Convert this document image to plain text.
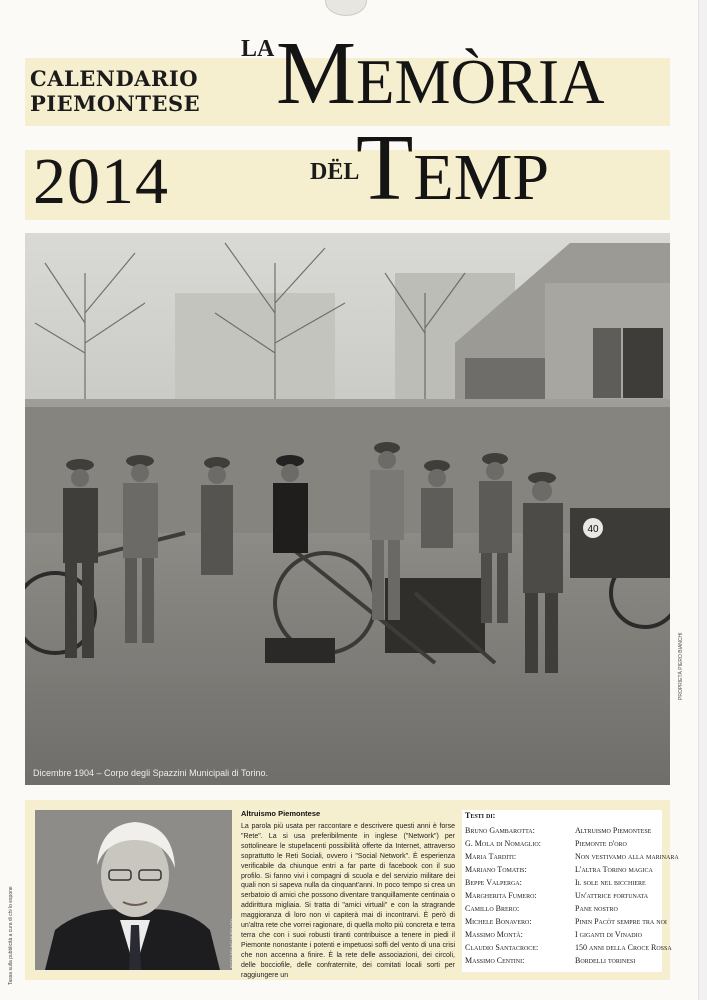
CALENDARIO
PIEMONTESE
2014
LA Memòria
dël
Temp
40
Dicembre 1904 – Corpo degli Spazzini Municipali di Torino.
PROPRIETÀ PIERO BIANCHI
Tassa sulla pubblicità a cura di chi lo espone	FOTO BRUNO MURIALDO
Altruismo Piemontese

La parola più usata per raccontare e descrivere questi anni è forse "Rete". La si usa preferibilmente in inglese ("Network") per sottolineare le stupefacenti possibilità offerte da Internet, attraverso soprattutto le Reti Sociali, ovvero i "Social Network". È esperienza verificabile da chiunque entri a far parte di facebook con il suo profilo. Si fanno vivi i compagni di scuola e del servizio militare dei quali non si sapeva nulla da cinquant'anni. In poco tempo si crea un serbatoio di amici che possono diventare tranquillamente centinaia o addirittura migliaia. Si tratta di "amici virtuali" e con la stragrande maggioranza di loro non vi capiterà mai di incontrarvi. È però di un'altra rete che vorrei ragionare, di quella molto più concreta e terra terra che con i suoi robusti tiranti contribuisce a tenere in piedi il Piemonte nonostante i potenti e impetuosi soffi del vento di una crisi che non accenna a finire. È la rete delle associazioni, dei circoli, delle bocciofile, delle confraternite, dei comitati locali sorti per raggiungere un

Testi di:
Bruno Gambarotta:	Altruismo Piemontese
G. Mola di Nomaglio:	Piemonte d'oro
Maria Tarditi:	Non vestivamo alla marinara
Mariano Tomatis:	L'altra Torino magica
Beppe Valperga:	Il sole nel bicchiere
Margherita Fumero:	Un'attrice fortunata
Camillo Brero:	Pane nostro
Michele Bonavero:	Pinin Pacòt sempre tra noi
Massimo Montà:	I giganti di Vinadio
Claudio Santacroce:	150 anni della Croce Rossa
Massimo Centini:	Bordelli torinesi
